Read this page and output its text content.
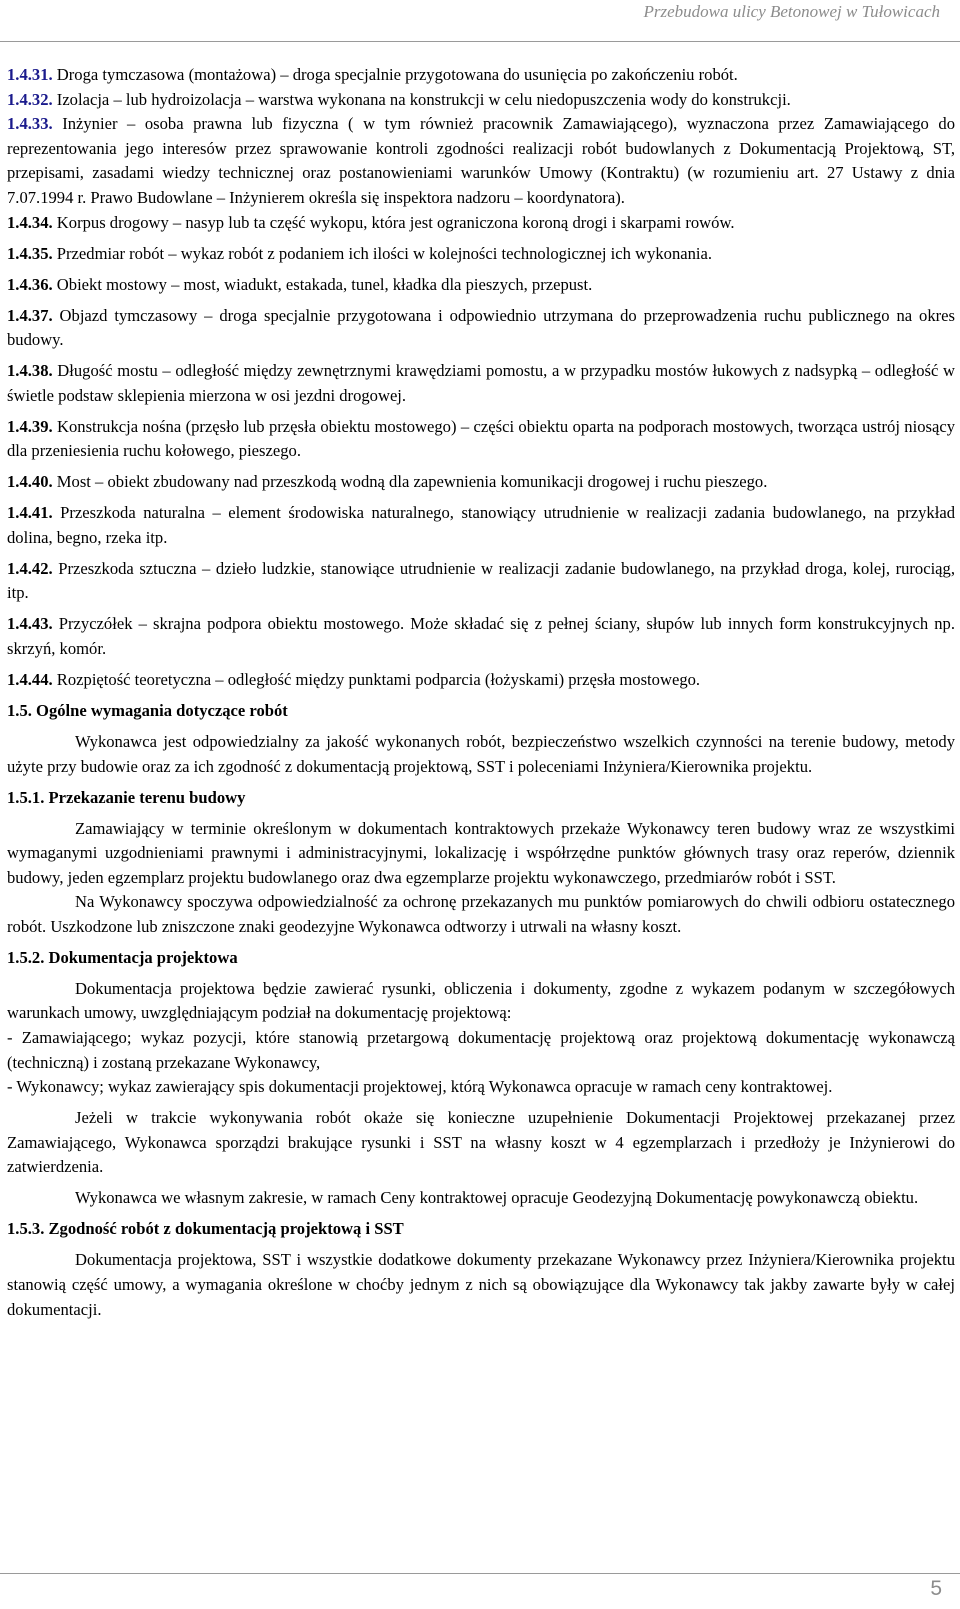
Przebudowa ulicy Betonowej w Tułowicach

1.4.31. Droga tymczasowa (montażowa) – droga specjalnie przygotowana do usunięcia po zakończeniu robót.

1.4.32. Izolacja – lub hydroizolacja – warstwa wykonana na konstrukcji w celu niedopuszczenia wody do konstrukcji.

1.4.33. Inżynier – osoba prawna lub fizyczna ( w tym również pracownik Zamawiającego), wyznaczona przez Zamawiającego do reprezentowania jego interesów przez sprawowanie kontroli zgodności realizacji robót budowlanych z Dokumentacją Projektową, ST, przepisami, zasadami wiedzy technicznej oraz postanowieniami warunków Umowy (Kontraktu) (w rozumieniu art. 27 Ustawy z dnia 7.07.1994 r. Prawo Budowlane – Inżynierem określa się inspektora nadzoru – koordynatora).

1.4.34. Korpus drogowy – nasyp lub ta część wykopu, która jest ograniczona koroną drogi i skarpami rowów.

1.4.35. Przedmiar robót – wykaz robót z podaniem ich ilości w kolejności technologicznej ich wykonania.

1.4.36. Obiekt mostowy – most, wiadukt, estakada, tunel, kładka dla pieszych, przepust.

1.4.37. Objazd tymczasowy – droga specjalnie przygotowana i odpowiednio utrzymana do przeprowadzenia ruchu publicznego na okres budowy.

1.4.38. Długość mostu – odległość między zewnętrznymi krawędziami pomostu, a w przypadku mostów łukowych z nadsypką – odległość w świetle podstaw sklepienia mierzona w osi jezdni drogowej.

1.4.39. Konstrukcja nośna (przęsło lub przęsła obiektu mostowego) – części obiektu oparta na podporach mostowych, tworząca ustrój niosący dla przeniesienia ruchu kołowego, pieszego.

1.4.40. Most – obiekt zbudowany nad przeszkodą wodną dla zapewnienia komunikacji drogowej i ruchu pieszego.

1.4.41. Przeszkoda naturalna – element środowiska naturalnego, stanowiący utrudnienie w realizacji zadania budowlanego, na przykład dolina, begno, rzeka itp.

1.4.42. Przeszkoda sztuczna – dzieło ludzkie, stanowiące utrudnienie w realizacji zadanie budowlanego, na przykład droga, kolej, rurociąg, itp.

1.4.43. Przyczółek – skrajna podpora obiektu mostowego. Może składać się z pełnej ściany, słupów lub innych form konstrukcyjnych np. skrzyń, komór.

1.4.44. Rozpiętość teoretyczna – odległość między punktami podparcia (łożyskami) przęsła mostowego.

1.5. Ogólne wymagania dotyczące robót

Wykonawca jest odpowiedzialny za jakość wykonanych robót, bezpieczeństwo wszelkich czynności na terenie budowy, metody użyte przy budowie oraz za ich zgodność z dokumentacją projektową, SST i poleceniami Inżyniera/Kierownika projektu.

1.5.1. Przekazanie terenu budowy

Zamawiający w terminie określonym w dokumentach kontraktowych przekaże Wykonawcy teren budowy wraz ze wszystkimi wymaganymi uzgodnieniami prawnymi i administracyjnymi, lokalizację i współrzędne punktów głównych trasy oraz reperów, dziennik budowy, jeden egzemplarz projektu budowlanego oraz dwa egzemplarze projektu wykonawczego, przedmiarów robót i SST.

Na Wykonawcy spoczywa odpowiedzialność za ochronę przekazanych mu punktów pomiarowych do chwili odbioru ostatecznego robót. Uszkodzone lub zniszczone znaki geodezyjne Wykonawca odtworzy i utrwali na własny koszt.

1.5.2. Dokumentacja projektowa

Dokumentacja projektowa będzie zawierać rysunki, obliczenia i dokumenty, zgodne z wykazem podanym w szczegółowych warunkach umowy, uwzględniającym podział na dokumentację projektową:

- Zamawiającego; wykaz pozycji, które stanowią przetargową dokumentację projektową oraz projektową dokumentację wykonawczą (techniczną) i zostaną przekazane Wykonawcy,

- Wykonawcy; wykaz zawierający spis dokumentacji projektowej, którą Wykonawca opracuje w ramach ceny kontraktowej.

Jeżeli w trakcie wykonywania robót okaże się konieczne uzupełnienie Dokumentacji Projektowej przekazanej przez Zamawiającego, Wykonawca sporządzi brakujące rysunki i SST na własny koszt w 4 egzemplarzach i przedłoży je Inżynierowi do zatwierdzenia.

Wykonawca we własnym zakresie, w ramach Ceny kontraktowej opracuje Geodezyjną Dokumentację powykonawczą obiektu.

1.5.3. Zgodność robót z dokumentacją projektową i SST

Dokumentacja projektowa, SST i wszystkie dodatkowe dokumenty przekazane Wykonawcy przez Inżyniera/Kierownika projektu stanowią część umowy, a wymagania określone w choćby jednym z nich są obowiązujące dla Wykonawcy tak jakby zawarte były w całej dokumentacji.

5
